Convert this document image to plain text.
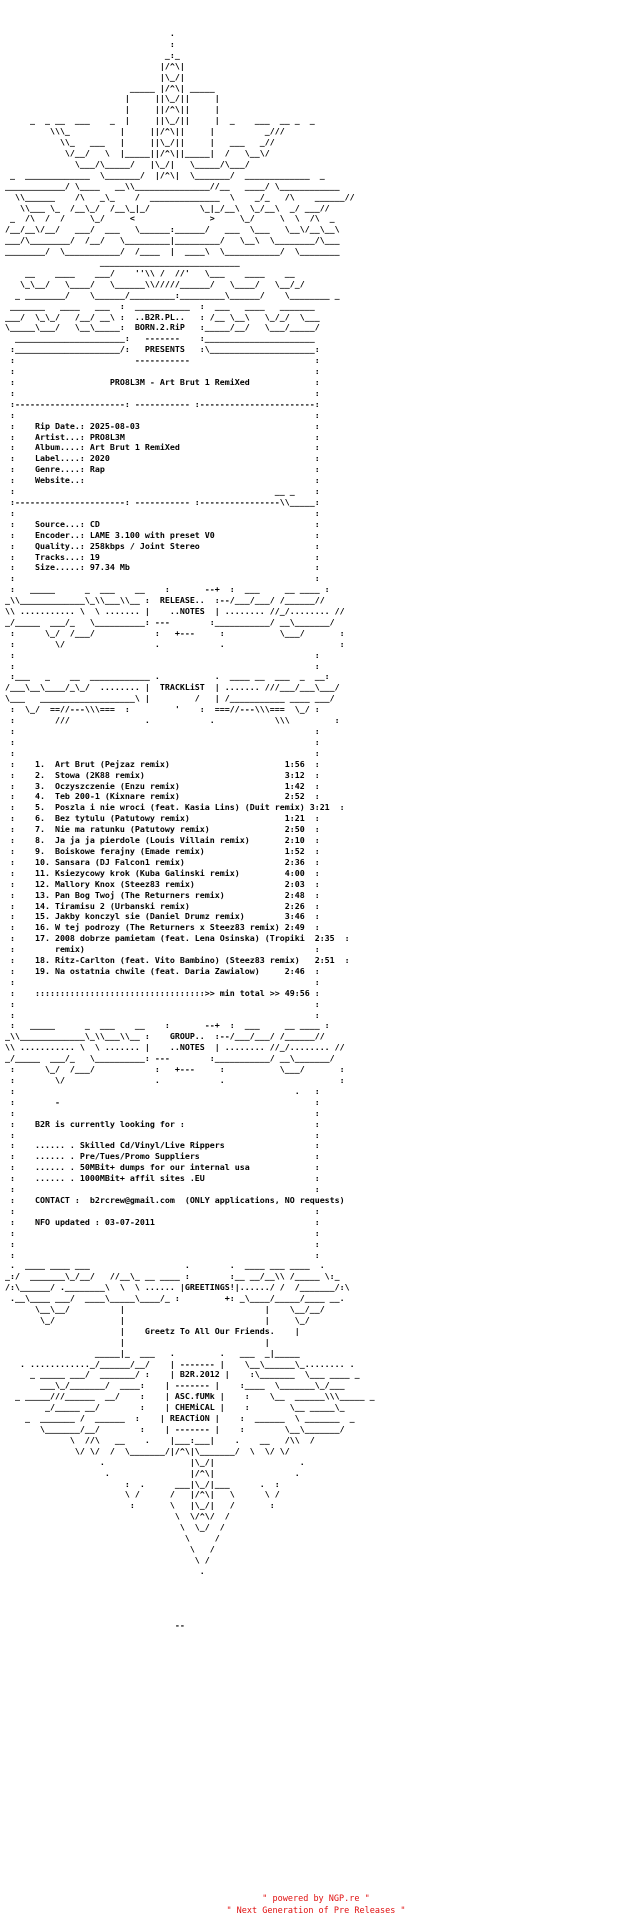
.
:
_:_
|/^\|
|\_/|
_____ |/^\| _____
|     ||\_/||     |
|     ||/^\||     |
_  _ __  ___    _  |     ||\_/||     |  _    ___  __ _  _
\\\_          |     ||/^\||     |          _///
\\_   ___   |     ||\_/||     |   ___   _//
\/__/   \  |_____||/^\||_____|  /   \__\/
\___/\_____/   |\_/|   \_____/\___/
_  _____________  \_______/  |/^\|  \_______/  _____________  _
____________/ \____   __\\_______________//__   ____/ \____________
\\______    /\   _\_    /  ______________  \    _/_   /\    ______//
\\___ \_  /__\_/  /__\_|_/          \_|_/__\  \_/__\  _/ ___//
_  /\  /  /     \_/     <               >     \_/     \  \  /\  _
/__/__\/__/   ___/  ___   \______:______/   ___  \___   \__\/__\__\
___/\________/  /__/   \_________|_________/   \__\  \________/\___
________/  \___________/  /____  |  ____\  \___________/  \________
____________________________
__    ____    ___/    ''\\ /  //'   \___    ____    __
\_\__/   \____/   \______\\/////______/   \____/   \__/_/
_ ________/    \______/_________:_________\______/    \________ _
_______   ____   ___  :  ___________  :  ___   ____   _______
___/  \_\_/   /__/ __\ :  ..B2R.PL..   : /__ \__\   \_/_/  \___
\_____\___/   \__\_____:  BORN.2.RiP   :_____/__/   \___/_____/
______________________:   -------    :______________________
:_____________________/:   PRESENTS   :\_____________________:
:                        -----------                         :
:                                                            :
:                   PRO8L3M - Art Brut 1 RemiXed             :
:                                                            :
:----------------------: ----------- :-----------------------:
:                                                            :
:    Rip Date.: 2025-08-03                                   :
:    Artist...: PRO8L3M                                      :
:    Album....: Art Brut 1 RemiXed                           :
:    Label....: 2020                                         :
:    Genre....: Rap                                          :
:    Website..:                                              :
:                                                    __ _    :
:----------------------: ----------- :----------------\\_____:
:                                                            :
:    Source...: CD                                           :
:    Encoder..: LAME 3.100 with preset V0                    :
:    Quality..: 258kbps / Joint Stereo                       :
:    Tracks...: 19                                           :
:    Size.....: 97.34 Mb                                     :
:                                                            :
:   _____      _  ___    __    :       --+  :  ___     __ ____ :
_\\_____________\_\\___\\__ :  RELEASE..  :--/___/___/ /______//
\\ ........... \  \ ....... |    ..NOTES  | ........ //_/........ //
_/_____  ___/_   \__________: ---        :___________/ __\_______/
:      \_/  /___/            :   +---     :           \___/       :
:        \/                  .            .                       :
:                                                            :
:                                                            :
:___   _    __  ____________ .           .  ____ __  ___  _  __:
/___\__\____/_\_/  ........ |  TRACKLiST  | ....... ///___/___\___/
\___   ___________________\ |         /   | /___________ ____ ___/
:  \_/  ==//---\\\===  :         '    :  ===//---\\\===  \_/ :
:        ///               .            .            \\\         :
:                                                            :
:                                                            :
:                                                            :
:    1.  Art Brut (Pejzaz remix)                       1:56  :
:    2.  Stowa (2K88 remix)                            3:12  :
:    3.  Oczyszczenie (Enzu remix)                     1:42  :
:    4.  Teb 200-1 (Kixnare remix)                     2:52  :
:    5.  Poszla i nie wroci (feat. Kasia Lins) (Duit remix) 3:21  :
:    6.  Bez tytulu (Patutowy remix)                   1:21  :
:    7.  Nie ma ratunku (Patutowy remix)               2:50  :
:    8.  Ja ja ja pierdole (Louis Villain remix)       2:10  :
:    9.  Boiskowe ferajny (Emade remix)                1:52  :
:    10. Sansara (DJ Falcon1 remix)                    2:36  :
:    11. Ksiezycowy krok (Kuba Galinski remix)         4:00  :
:    12. Mallory Knox (Steez83 remix)                  2:03  :
:    13. Pan Bog Twoj (The Returners remix)            2:48  :
:    14. Tiramisu 2 (Urbanski remix)                   2:26  :
:    15. Jakby konczyl sie (Daniel Drumz remix)        3:46  :
:    16. W tej podrozy (The Returners x Steez83 remix) 2:49  :
:    17. 2008 dobrze pamietam (feat. Lena Osinska) (Tropiki  2:35  :
:        remix)                                              :
:    18. Ritz-Carlton (feat. Vito Bambino) (Steez83 remix)   2:51  :
:    19. Na ostatnia chwile (feat. Daria Zawialow)     2:46  :
:                                                            :
:    ::::::::::::::::::::::::::::::::::>> min total >> 49:56 :
:                                                            :
:                                                            :
:   _____      _  ___    __    :       --+  :  ___     __ ____ :
_\\_____________\_\\___\\__ :    GROUP..  :--/___/___/ /______//
\\ ........... \  \ ....... |    ..NOTES  | ........ //_/........ //
_/_____  ___/_   \__________: ---        :___________/ __\_______/
:      \_/  /___/            :   +---     :           \___/       :
:        \/                  .            .                       :
:                                                        .   :
:        -                                                   :
:                                                            :
:    B2R is currently looking for :                          :
:                                                            :
:    ...... . Skilled Cd/Vinyl/Live Rippers                  :
:    ...... . Pre/Tues/Promo Suppliers                       :
:    ...... . 50MBit+ dumps for our internal usa             :
:    ...... . 1000MBit+ affil sites .EU                      :
:                                                            :
:    CONTACT :  b2rcrew@gmail.com  (ONLY applications, NO requests)
:                                                            :
:    NFO updated : 03-07-2011                                :
:                                                            :
:                                                            :
:                                                            :
.  ____ ____ ___                   .        .  ____ ___ ____  .
_:/  _______\_/__/   //__\_ __ ____ :        :__ __/__\\ /_____ \:_
/:\______/ .________\  \  \ ...... |GREETINGS!|....../ /  /_______/:\
.__\____ ___/  ____\_____\____/_ :         +: _\____/_____/____ __.
\__\__/          |                            |    \__/__/
\_/             |                            |     \_/
|    Greetz To All Our Friends.    |
|                            |
_____|_  ___   .         .   ___  _|_____
. ............_/______/__/    | ------- |    \__\______\_........ .
_ _____ ___/  _______/ :    | B2R.2012 |    :\_______  \___ ____ _
___\_/_______/  ____:    | ------- |    :____  \_______\_/___
_ _____///______  __/    :    | ASC.fUMk |    :    \__  ______\\\_____ _
_/_____ __/        :    | CHEMiCAL |    :        \__ _____\_
_  _______ /  ______  :    | REACTiON |    :  ______  \ _______  _
\_______/__/        :    | ------- |    :        \__\_______/
\  //\   __    .    |___:___|    .    __   /\\  /
\/ \/  /  \_______/|/^\|\_______/  \  \/ \/
.                 |\_/|                 .
.                |/^\|                .
:  .      ___|\_/|___      .  :
\ /      /   |/^\|   \      \ /
:       \   |\_/|   /       :
\  \/^\/  /
\  \_/  /
\     /
\   /
\ /
.

--

" powered by NGP.re "
" Next Generation of Pre Releases "
